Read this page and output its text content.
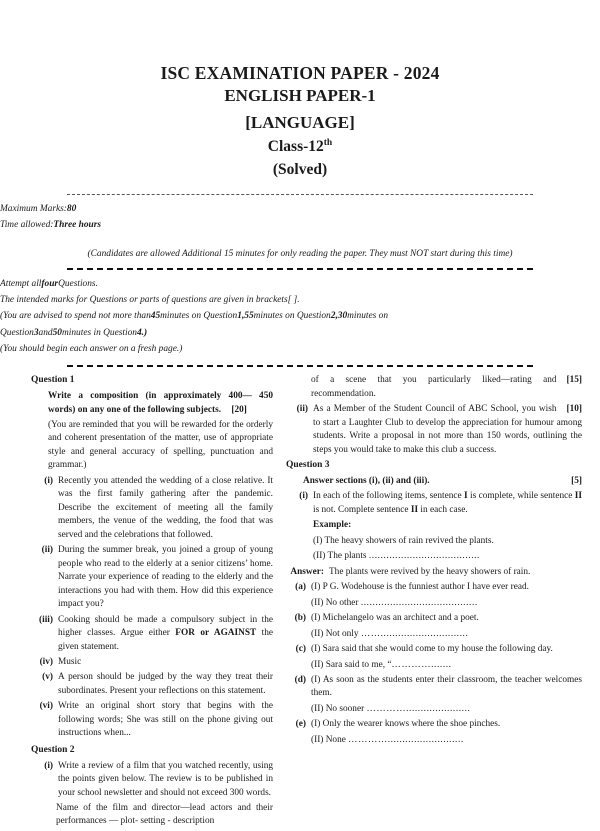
ISC EXAMINATION PAPER - 2024
ENGLISH PAPER-1
[LANGUAGE]
Class-12th
(Solved)
Maximum Marks: 80
Time allowed: Three hours
(Candidates are allowed Additional 15 minutes for only reading the paper. They must NOT start during this time)
Attempt all four Questions.
The intended marks for Questions or parts of questions are given in brackets[ ].
(You are advised to spend not more than 45 minutes on Question 1, 55 minutes on Question 2, 30 minutes on
Question 3 and 50 minutes in Question 4.)
(You should begin each answer on a fresh page.)
Question 1
Write a composition (in approximately 400— 450 words) on any one of the following subjects. [20]
(You are reminded that you will be rewarded for the orderly and coherent presentation of the matter, use of appropriate style and general accuracy of spelling, punctuation and grammar.)
(i) Recently you attended the wedding of a close relative. It was the first family gathering after the pandemic. Describe the excitement of meeting all the family members, the venue of the wedding, the food that was served and the celebrations that followed.
(ii) During the summer break, you joined a group of young people who read to the elderly at a senior citizens’ home. Narrate your experience of reading to the elderly and the interactions you had with them. How did this experience impact you?
(iii) Cooking should be made a compulsory subject in the higher classes. Argue either FOR or AGAINST the given statement.
(iv) Music
(v) A person should be judged by the way they treat their subordinates. Present your reflections on this statement.
(vi) Write an original short story that begins with the following words; She was still on the phone giving out instructions when...
Question 2
(i) Write a review of a film that you watched recently, using the points given below. The review is to be published in your school newsletter and should not exceed 300 words.
Name of the film and director—lead actors and their performances — plot- setting - description
[15]
of a scene that you particularly liked—rating and recommendation.
(ii)	[10]
As a Member of the Student Council of ABC School, you wish to start a Laughter Club to develop the appreciation for humour among students. Write a proposal in not more than 150 words, outlining the steps you would take to make this club a success.
Question 3
[5]
Answer sections (i), (ii) and (iii).
(i) In each of the following items, sentence I is complete, while sentence II is not. Complete sentence II in each case.
Example:
(I) The heavy showers of rain revived the plants.
(II) The plants ......................................
Answer: The plants were revived by the heavy showers of rain.
(a) (I) P G. Wodehouse is the funniest author I have ever read.
(II) No other ........................................
(b) (I) Michelangelo was an architect and a poet.
(II) Not only ……..............................
(c) (I) Sara said that she would come to my house the following day.
(II) Sara said to me, “………….......
(d) (I) As soon as the students enter their classroom, the teacher welcomes them.
(II) No sooner …………......................
(e) (I) Only the wearer knows where the shoe pinches.
(II) None …………..........................
